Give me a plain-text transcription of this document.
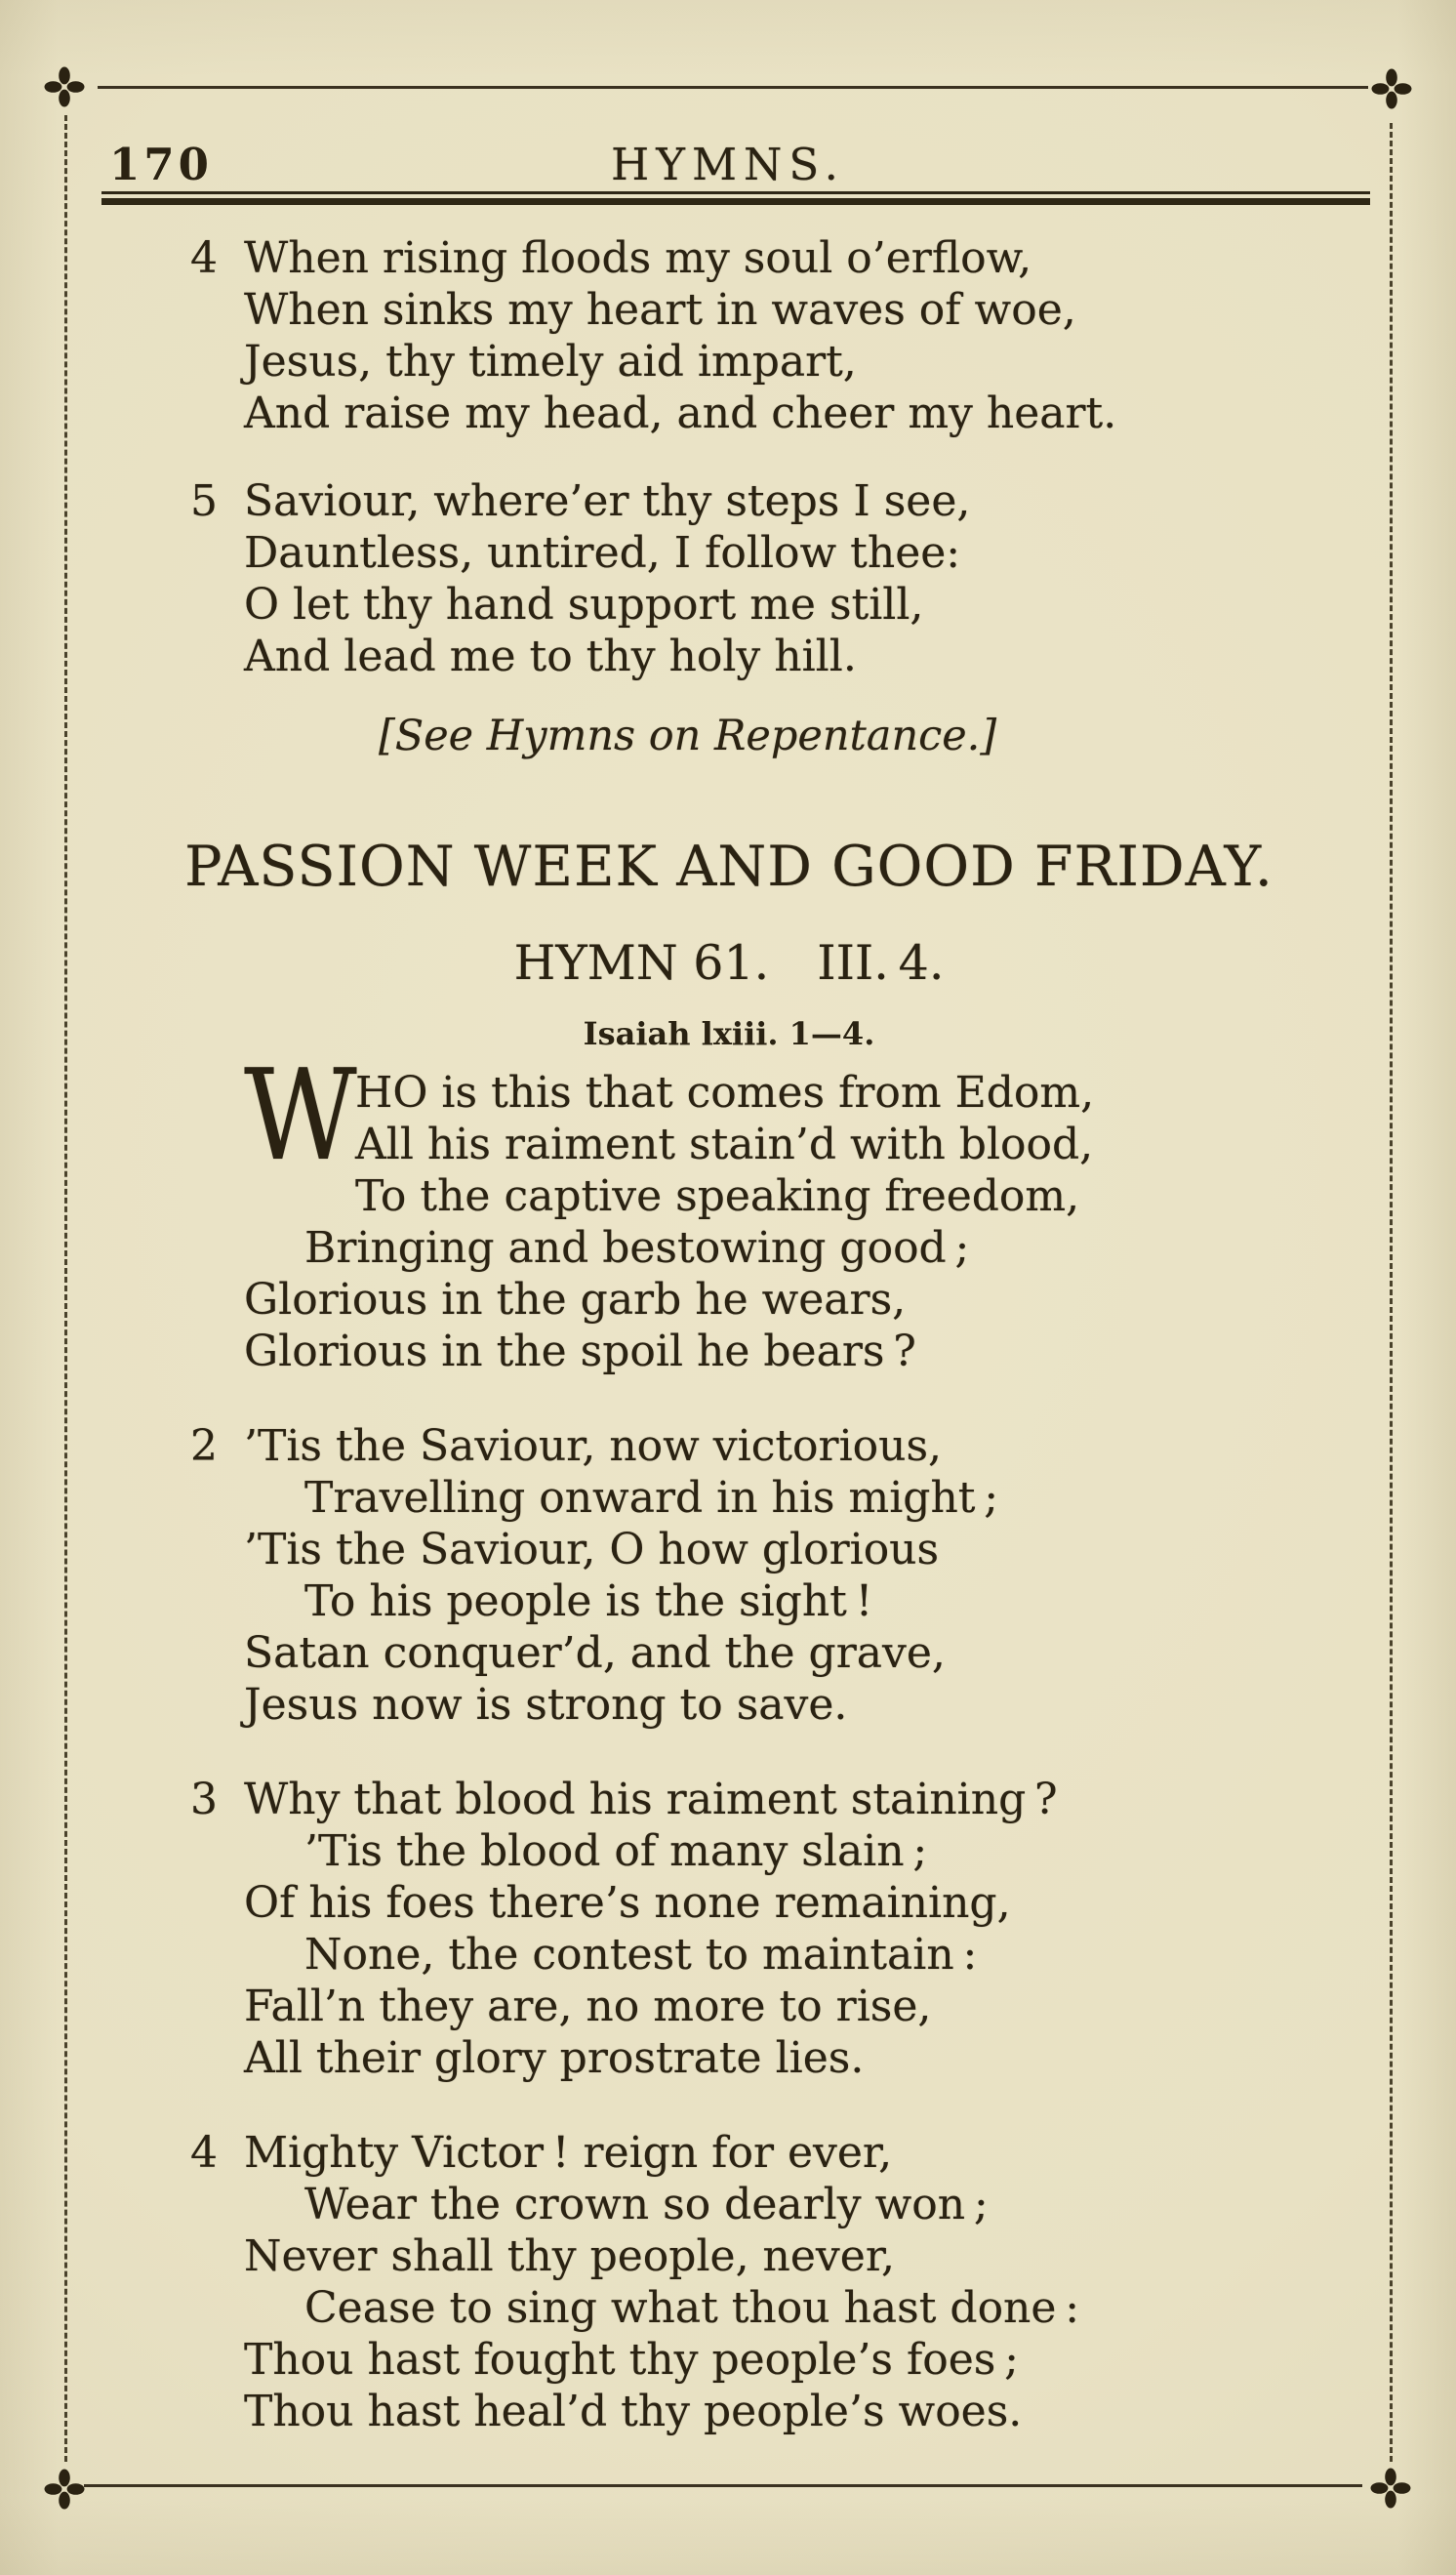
170	HYMNS.
4 When rising floods my soul o’erflow,
When sinks my heart in waves of woe,
Jesus, thy timely aid impart,
And raise my head, and cheer my heart.
5 Saviour, where’er thy steps I see,
Dauntless, untired, I follow thee:
O let thy hand support me still,
And lead me to thy holy hill.
[See Hymns on Repentance.]
PASSION WEEK AND GOOD FRIDAY.
HYMN 61. III. 4.
Isaiah lxiii. 1—4.
W
HO is this that comes from Edom,
All his raiment stain’d with blood,
To the captive speaking freedom,
Bringing and bestowing good ;
Glorious in the garb he wears,
Glorious in the spoil he bears ?
2 ’Tis the Saviour, now victorious,
Travelling onward in his might ;
’Tis the Saviour, O how glorious
To his people is the sight !
Satan conquer’d, and the grave,
Jesus now is strong to save.
3 Why that blood his raiment staining ?
’Tis the blood of many slain ;
Of his foes there’s none remaining,
None, the contest to maintain :
Fall’n they are, no more to rise,
All their glory prostrate lies.
4 Mighty Victor ! reign for ever,
Wear the crown so dearly won ;
Never shall thy people, never,
Cease to sing what thou hast done :
Thou hast fought thy people’s foes ;
Thou hast heal’d thy people’s woes.
